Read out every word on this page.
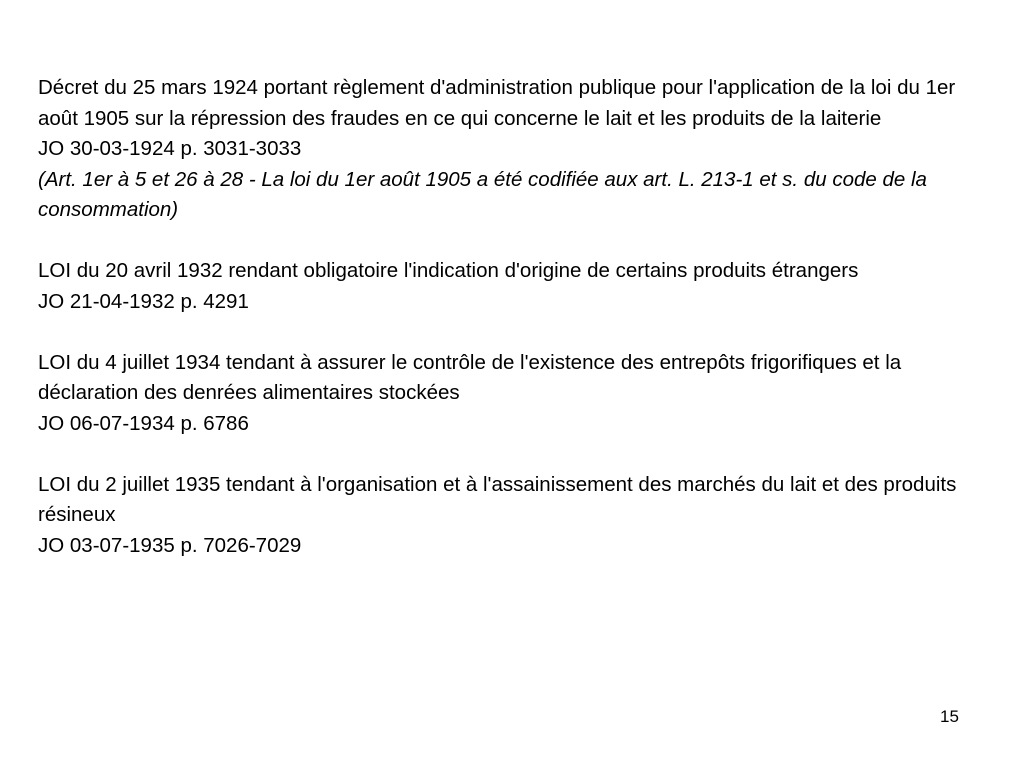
Décret du 25 mars 1924 portant règlement d'administration publique pour l'application de la loi du 1er août 1905 sur la répression des fraudes en ce qui concerne le lait et les produits de la laiterie

JO 30-03-1924 p. 3031-3033

(Art. 1er à 5 et 26 à 28 - La loi du 1er août 1905 a été codifiée aux art. L. 213-1 et s. du code de la consommation)

LOI du 20 avril 1932 rendant obligatoire l'indication d'origine de certains produits étrangers

JO 21-04-1932 p. 4291

LOI du 4 juillet 1934 tendant à assurer le contrôle de l'existence des entrepôts frigorifiques et la déclaration des denrées alimentaires stockées

JO 06-07-1934 p. 6786

LOI du 2 juillet 1935 tendant à l'organisation et à l'assainissement des marchés du lait et des produits résineux

JO 03-07-1935 p. 7026-7029

15
